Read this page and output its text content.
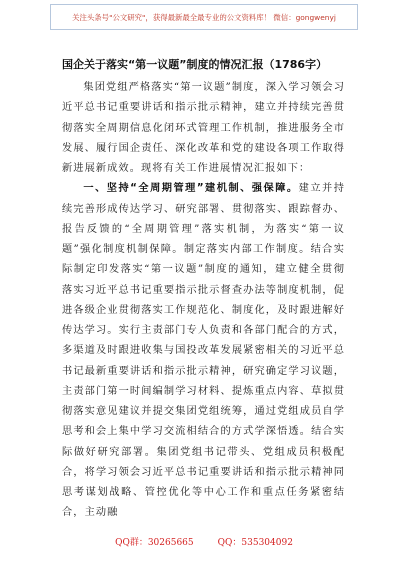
关注头条号"公文研究"，获得最新最全最专业的公文资料库！ 微信：gongwenyj
国企关于落实“第一议题”制度的情况汇报（1786字）

集团党组严格落实“第一议题”制度，深入学习领会习近平总书记重要讲话和指示批示精神，建立并持续完善贯彻落实全周期信息化闭环式管理工作机制，推进服务全市发展、履行国企责任、深化改革和党的建设各项工作取得新进展新成效。现将有关工作进展情况汇报如下：

一、坚持“全周期管理”建机制、强保障。建立并持续完善形成传达学习、研究部署、贯彻落实、跟踪督办、报告反馈的“全周期管理”落实机制，为落实“第一议题”强化制度机制保障。制定落实内部工作制度。结合实际制定印发落实“第一议题”制度的通知，建立健全贯彻落实习近平总书记重要指示批示督查办法等制度机制，促进各级企业贯彻落实工作规范化、制度化，及时跟进解好传达学习。实行主责部门专人负责和各部门配合的方式，多渠道及时跟进收集与国投改革发展紧密相关的习近平总书记最新重要讲话和指示批示精神，研究确定学习议题，主责部门第一时间编制学习材料、提炼重点内容、草拟贯彻落实意见建议并提交集团党组统筹，通过党组成员自学思考和会上集中学习交流相结合的方式学深悟透。结合实际做好研究部署。集团党组书记带头、党组成员积极配合，将学习领会习近平总书记重要讲话和指示批示精神同思考谋划战略、管控优化等中心工作和重点任务紧密结合，主动融

QQ群：30265665	QQ：535304092
